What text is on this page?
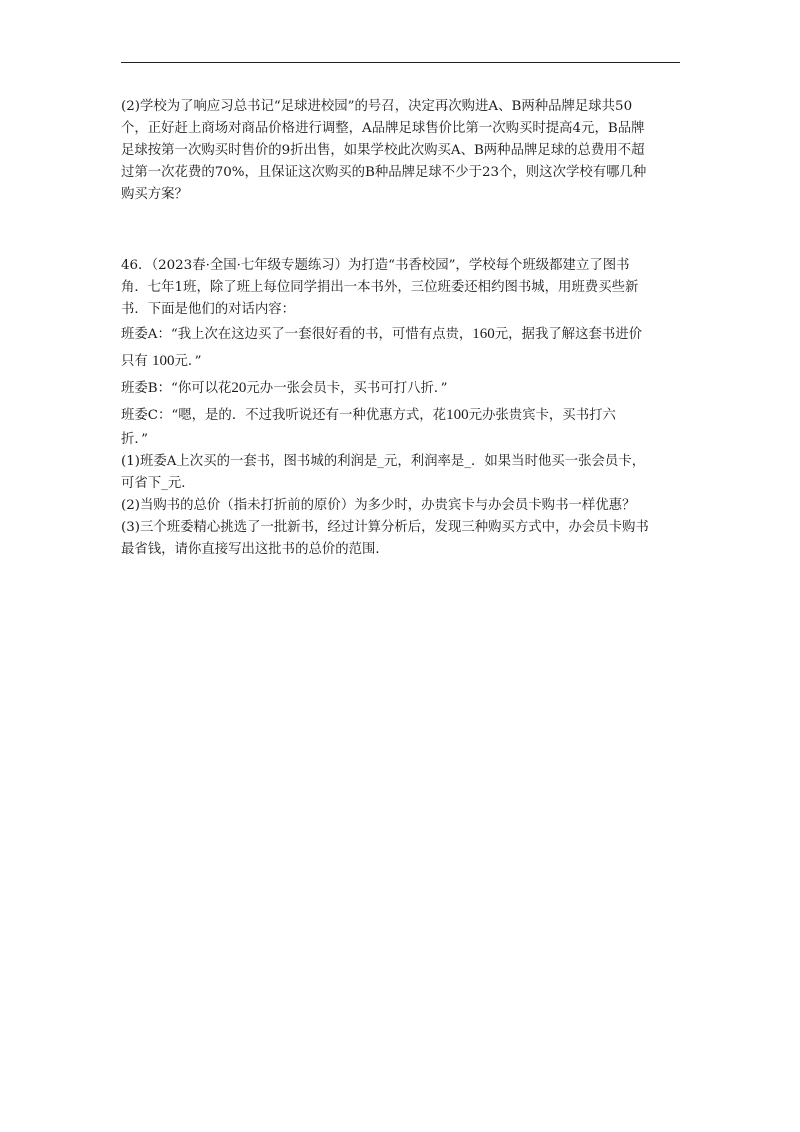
(2)学校为了响应习总书记“足球进校园”的号召，决定再次购进A、B两种品牌足球共50
个，正好赶上商场对商品价格进行调整，A品牌足球售价比第一次购买时提高4元，B品牌
足球按第一次购买时售价的9折出售，如果学校此次购买A、B两种品牌足球的总费用不超
过第一次花费的70%，且保证这次购买的B种品牌足球不少于23个，则这次学校有哪几种
购买方案？
46．（2023春·全国·七年级专题练习）为打造“书香校园”，学校每个班级都建立了图书
角．七年1班，除了班上每位同学捐出一本书外，三位班委还相约图书城，用班费买些新
书．下面是他们的对话内容：
班委A：“我上次在这边买了一套很好看的书，可惜有点贵，160元，据我了解这套书进价
只有 100元．”
班委B：“你可以花20元办一张会员卡，买书可打八折．”
班委C：“嗯，是的．不过我听说还有一种优惠方式，花100元办张贵宾卡，买书打六
折．”
(1)班委A上次买的一套书，图书城的利润是_元，利润率是_．如果当时他买一张会员卡，
可省下_元．
(2)当购书的总价（指未打折前的原价）为多少时，办贵宾卡与办会员卡购书一样优惠？
(3)三个班委精心挑选了一批新书，经过计算分析后，发现三种购买方式中，办会员卡购书
最省钱，请你直接写出这批书的总价的范围．
